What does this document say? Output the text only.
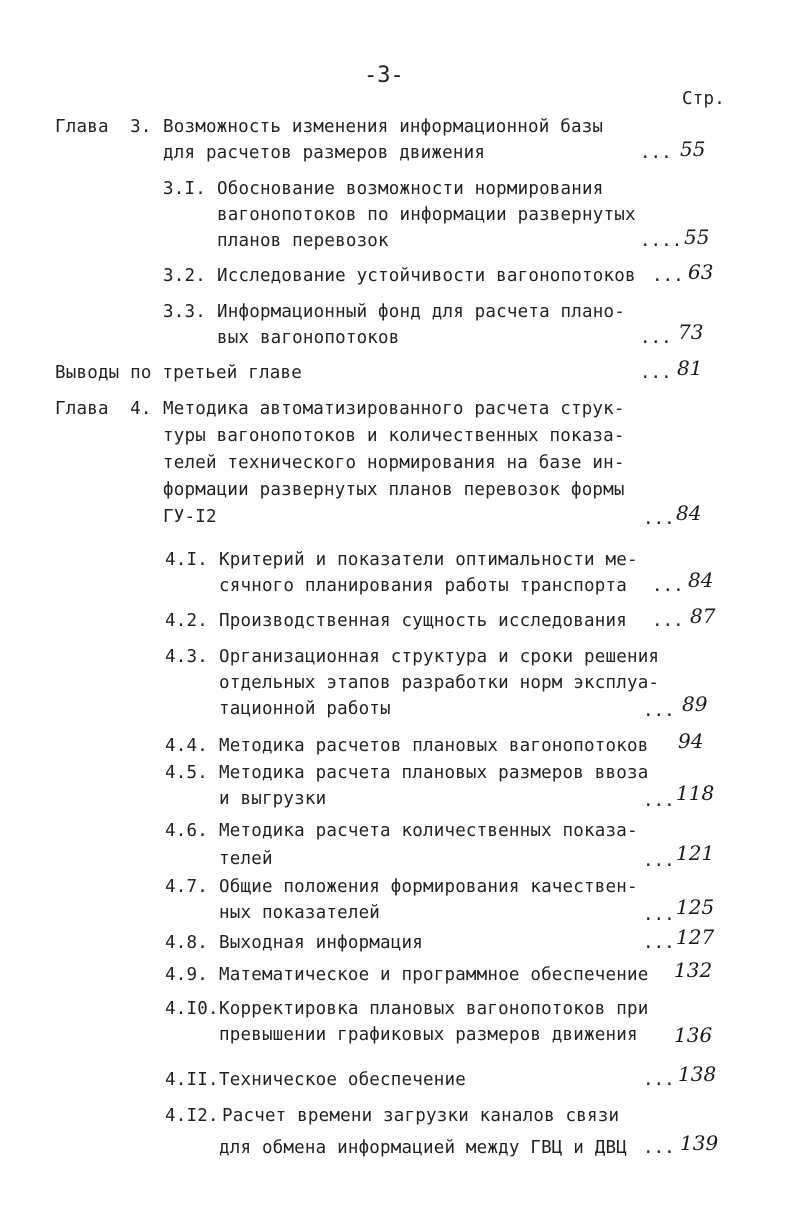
-3-
Стр.
Глава  3. Возможность изменения информационной базы
для расчетов размеров движения	... 55
3.I. Обоснование возможности нормирования
вагонопотоков по информации развернутых
планов перевозок	.... 55
3.2. Исследование устойчивости вагонопотоков ... 63
3.3. Информационный фонд для расчета плано-
вых вагонопотоков	... 73
Выводы по третьей главе	... 81
Глава  4. Методика автоматизированного расчета струк-
туры вагонопотоков и количественных показа-
телей технического нормирования на базе ин-
формации развернутых планов перевозок формы
ГУ-I2	... 84
4.I. Критерий и показатели оптимальности ме-
сячного планирования работы транспорта ... 84
4.2. Производственная сущность исследования ... 87
4.3. Организационная структура и сроки решения
отдельных этапов разработки норм эксплуа-
тационной работы	... 89
4.4. Методика расчетов плановых вагонопотоков 94
4.5. Методика расчета плановых размеров ввоза
и выгрузки	... 118
4.6. Методика расчета количественных показа-
телей	... 121
4.7. Общие положения формирования качествен-
ных показателей	... 125
4.8. Выходная информация	... 127
4.9. Математическое и программное обеспечение 132
4.I0. Корректировка плановых вагонопотоков при
превышении графиковых размеров движения 136
4.II. Техническое обеспечение	... 138
4.I2. Расчет времени загрузки каналов связи
для обмена информацией между ГВЦ и ДВЦ ... 139
